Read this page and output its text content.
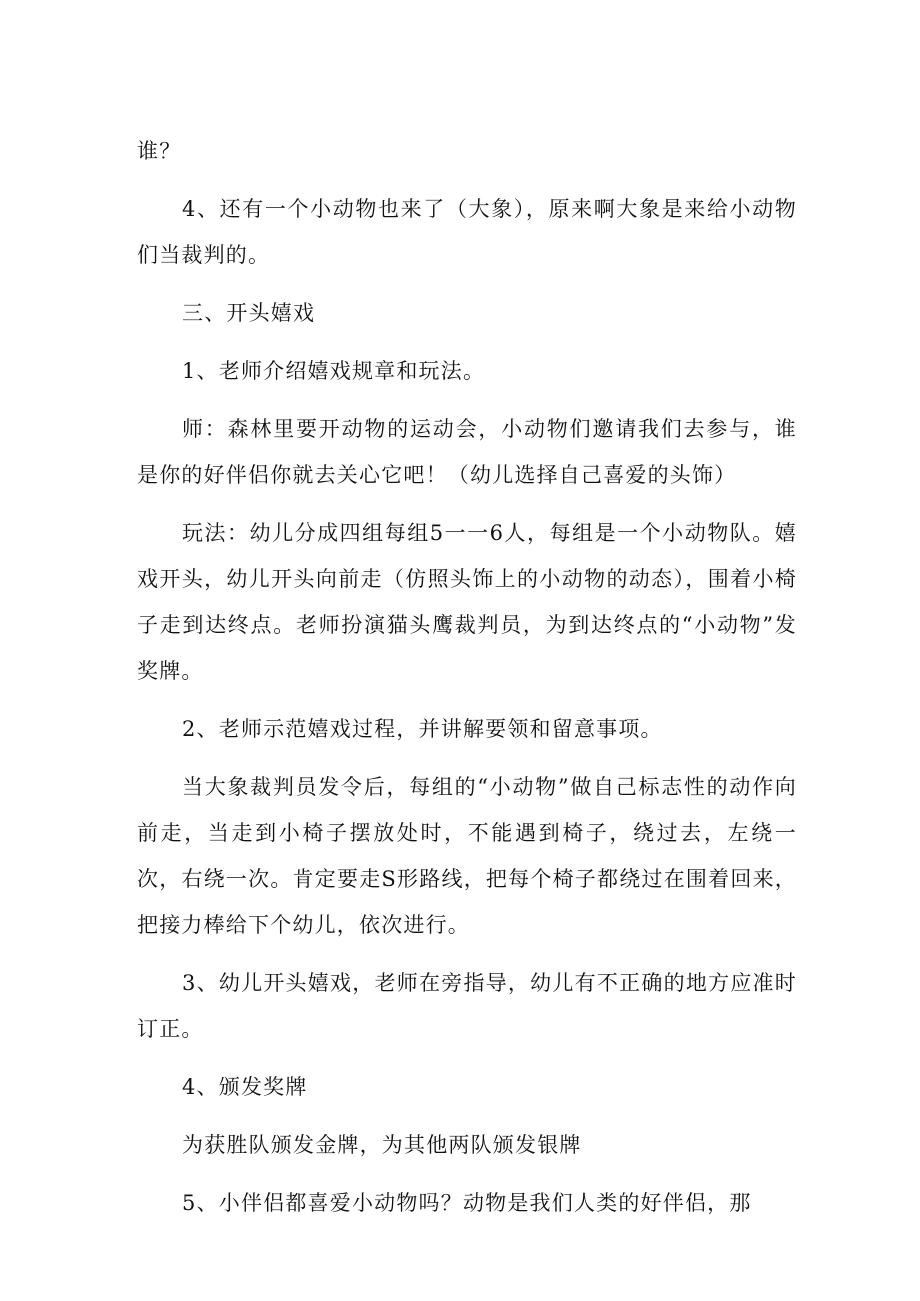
谁？

4、还有一个小动物也来了（大象），原来啊大象是来给小动物们当裁判的。

三、开头嬉戏

1、老师介绍嬉戏规章和玩法。

师：森林里要开动物的运动会，小动物们邀请我们去参与，谁是你的好伴侣你就去关心它吧！（幼儿选择自己喜爱的头饰）

玩法：幼儿分成四组每组5一一6人，每组是一个小动物队。嬉戏开头，幼儿开头向前走（仿照头饰上的小动物的动态），围着小椅子走到达终点。老师扮演猫头鹰裁判员，为到达终点的“小动物”发奖牌。

2、老师示范嬉戏过程，并讲解要领和留意事项。

当大象裁判员发令后，每组的“小动物”做自己标志性的动作向前走，当走到小椅子摆放处时，不能遇到椅子，绕过去，左绕一次，右绕一次。肯定要走S形路线，把每个椅子都绕过在围着回来，把接力棒给下个幼儿，依次进行。

3、幼儿开头嬉戏，老师在旁指导，幼儿有不正确的地方应准时订正。

4、颁发奖牌

为获胜队颁发金牌，为其他两队颁发银牌

5、小伴侣都喜爱小动物吗？动物是我们人类的好伴侣，那
